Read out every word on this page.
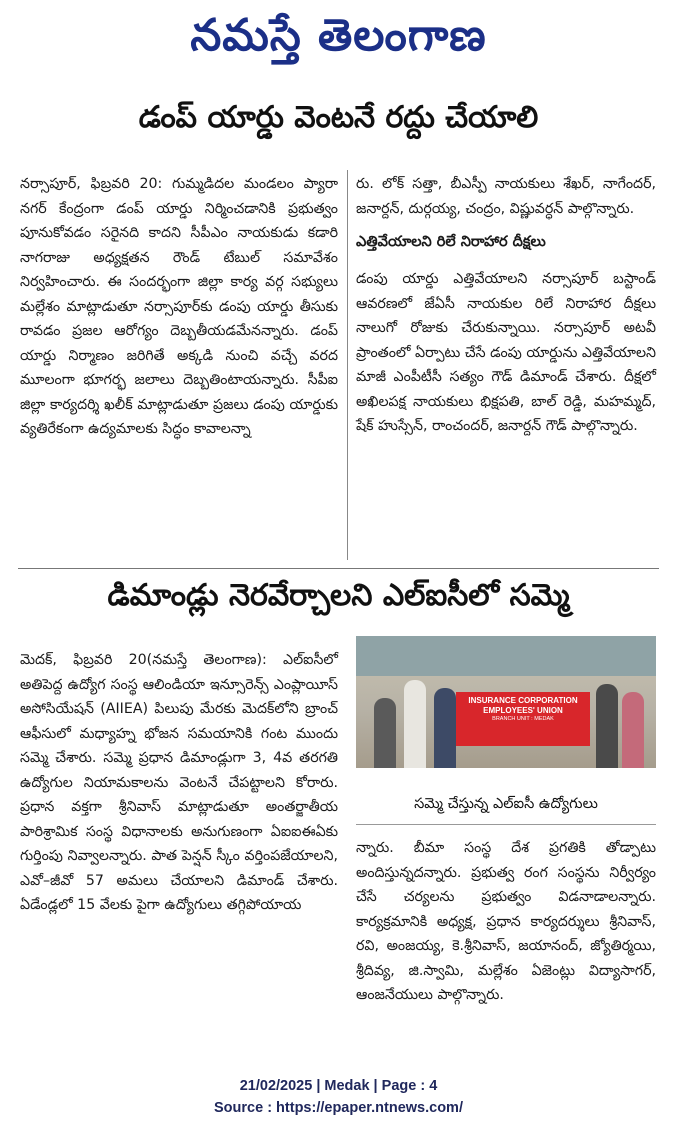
నమస్తే తెలంగాణ
డంప్ యార్డు వెంటనే రద్దు చేయాలి

నర్సాపూర్, ఫిబ్రవరి 20: గుమ్మడిదల మండలం ప్యారా నగర్ కేంద్రంగా డంప్ యార్డు నిర్మించడానికి ప్రభుత్వం పూనుకోవడం సరైనది కాదని సీపీఎం నాయకుడు కడారి నాగరాజు అధ్యక్షతన రౌండ్ టేబుల్ సమావేశం నిర్వహించారు. ఈ సందర్భంగా జిల్లా కార్య వర్గ సభ్యులు మల్లేశం మాట్లాడుతూ నర్సాపూర్‌కు డంపు యార్డు తీసుకు రావడం ప్రజల ఆరోగ్యం దెబ్బతీయడమేనన్నారు. డంప్ యార్డు నిర్మాణం జరిగితే అక్కడి నుంచి వచ్చే వరద మూలంగా భూగర్భ జలాలు దెబ్బతింటాయన్నారు. సీపీఐ జిల్లా కార్యదర్శి ఖలీక్ మాట్లాడుతూ ప్రజలు డంపు యార్డుకు వ్యతిరేకంగా ఉద్యమాలకు సిద్ధం కావాలన్నా

రు. లోక్ సత్తా, బీఎస్పీ నాయకులు శేఖర్, నాగేందర్, జనార్దన్, దుర్గయ్య, చంద్రం, విష్ణువర్ధన్ పాల్గొన్నారు.

ఎత్తివేయాలని రిలే నిరాహార దీక్షలు

డంపు యార్డు ఎత్తివేయాలని నర్సాపూర్ బస్టాండ్ ఆవరణలో జేఏసీ నాయకుల రిలే నిరాహార దీక్షలు నాలుగో రోజుకు చేరుకున్నాయి. నర్సాపూర్ అటవీ ప్రాంతంలో ఏర్పాటు చేసే డంపు యార్డును ఎత్తివేయాలని మాజీ ఎంపీటీసీ సత్యం గౌడ్ డిమాండ్ చేశారు. దీక్షలో అఖిలపక్ష నాయకులు భిక్షపతి, బాల్ రెడ్డి, మహమ్మద్, షేక్ హుస్సేన్, రాంచందర్, జనార్దన్ గౌడ్ పాల్గొన్నారు.

డిమాండ్లు నెరవేర్చాలని ఎల్ఐసీలో సమ్మె

మెదక్, ఫిబ్రవరి 20(నమస్తే తెలంగాణ): ఎల్ఐసీలో అతిపెద్ద ఉద్యోగ సంస్థ ఆలిండియా ఇన్సూరెన్స్ ఎంప్లాయీస్ అసోసియేషన్ (AIIEA) పిలుపు మేరకు మెదక్‌లోని బ్రాంచ్ ఆఫీసులో మధ్యాహ్న భోజన సమయానికి గంట ముందు సమ్మె చేశారు. సమ్మె ప్రధాన డిమాండ్లుగా 3, 4వ తరగతి ఉద్యోగుల నియామకాలను వెంటనే చేపట్టాలని కోరారు. ప్రధాన వక్తగా శ్రీనివాస్ మాట్లాడుతూ అంతర్జాతీయ పారిశ్రామిక సంస్థ విధానాలకు అనుగుణంగా ఏఐఐఈఏకు గుర్తింపు నివ్వాలన్నారు. పాత పెన్షన్ స్కీం వర్తింపజేయాలని, ఎవో–జీవో 57 అమలు చేయాలని డిమాండ్ చేశారు. ఏడేండ్లలో 15 వేలకు పైగా ఉద్యోగులు తగ్గిపోయాయ

INSURANCE CORPORATION
EMPLOYEES' UNION
BRANCH UNIT : MEDAK
సమ్మె చేస్తున్న ఎల్ఐసీ ఉద్యోగులు

న్నారు. బీమా సంస్థ దేశ ప్రగతికి తోడ్పాటు అందిస్తున్నదన్నారు. ప్రభుత్వ రంగ సంస్థను నిర్వీర్యం చేసే చర్యలను ప్రభుత్వం విడనాడాలన్నారు. కార్యక్రమానికి అధ్యక్ష, ప్రధాన కార్యదర్శులు శ్రీనివాస్, రవి, అంజయ్య, కె.శ్రీనివాస్, జయానంద్, జ్యోతిర్మయి, శ్రీదివ్య, జి.స్వామి, మల్లేశం ఏజెంట్లు విద్యాసాగర్, ఆంజనేయులు పాల్గొన్నారు.

21/02/2025 | Medak | Page : 4
Source : https://epaper.ntnews.com/
